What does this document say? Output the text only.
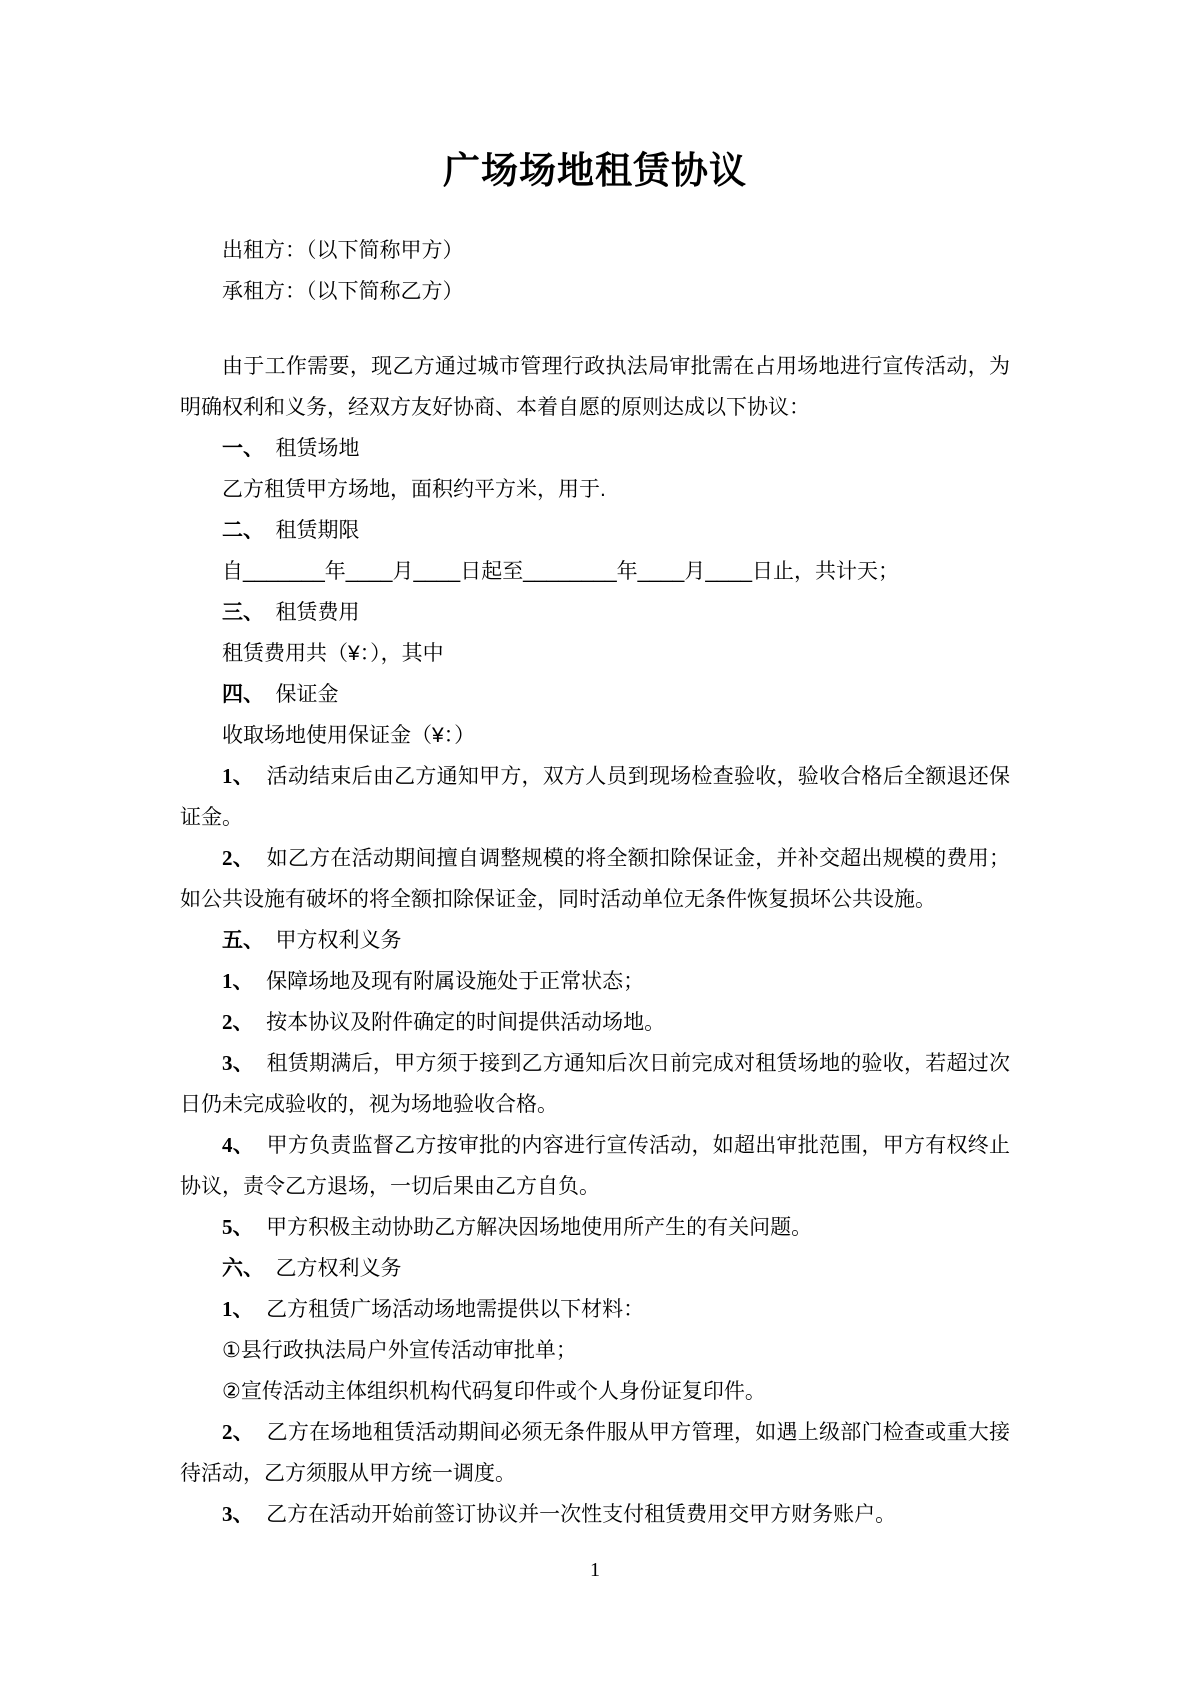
广场场地租赁协议

出租方：（以下简称甲方）

承租方：（以下简称乙方）

由于工作需要，现乙方通过城市管理行政执法局审批需在占用场地进行宣传活动，为明确权利和义务，经双方友好协商、本着自愿的原则达成以下协议：

一、 租赁场地

乙方租赁甲方场地，面积约平方米，用于.

二、 租赁期限

自_______年____月____日起至________年____月____日止，共计天；

三、 租赁费用

租赁费用共（¥：），其中

四、 保证金

收取场地使用保证金（¥：）

1、 活动结束后由乙方通知甲方，双方人员到现场检查验收，验收合格后全额退还保证金。

2、 如乙方在活动期间擅自调整规模的将全额扣除保证金，并补交超出规模的费用；如公共设施有破坏的将全额扣除保证金，同时活动单位无条件恢复损坏公共设施。

五、 甲方权利义务

1、 保障场地及现有附属设施处于正常状态；

2、 按本协议及附件确定的时间提供活动场地。

3、 租赁期满后，甲方须于接到乙方通知后次日前完成对租赁场地的验收，若超过次日仍未完成验收的，视为场地验收合格。

4、 甲方负责监督乙方按审批的内容进行宣传活动，如超出审批范围，甲方有权终止协议，责令乙方退场，一切后果由乙方自负。

5、 甲方积极主动协助乙方解决因场地使用所产生的有关问题。

六、 乙方权利义务

1、 乙方租赁广场活动场地需提供以下材料：

①县行政执法局户外宣传活动审批单；

②宣传活动主体组织机构代码复印件或个人身份证复印件。

2、 乙方在场地租赁活动期间必须无条件服从甲方管理，如遇上级部门检查或重大接待活动，乙方须服从甲方统一调度。

3、 乙方在活动开始前签订协议并一次性支付租赁费用交甲方财务账户。

1
